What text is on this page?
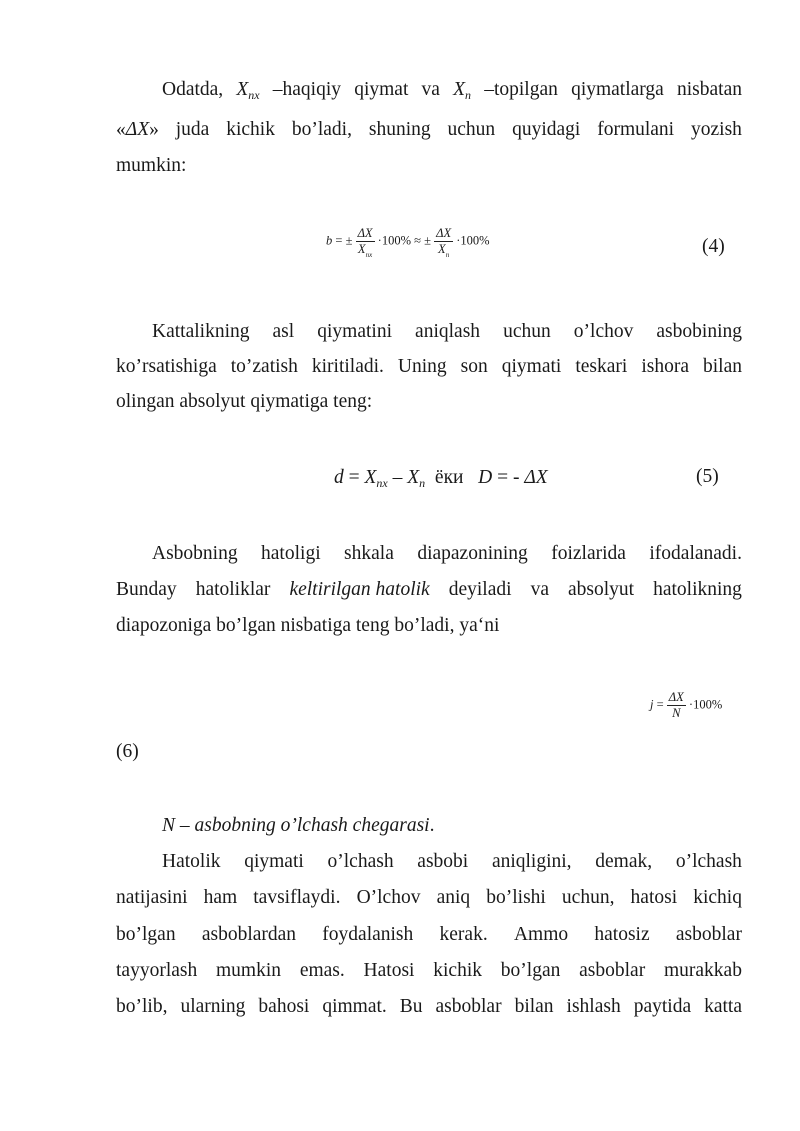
Odatda, $X_{nx}$ –haqiqiy qiymat va $X_n$ –topilgan qiymatlarga nisbatan
«ΔX» juda kichik bo’ladi, shuning uchun quyidagi formulani yozish
mumkin:
b = ± $\frac{\Delta X}{X_{nx}} \cdot 100\%$ ≈ ± $\frac{\Delta X}{X_n} \cdot 100\%$	(4)
Kattalikning asl qiymatini aniqlash uchun o’lchov asbobining
ko’rsatishiga to’zatish kiritiladi. Uning son qiymati teskari ishora bilan
olingan absolyut qiymatiga teng:
$d = X_{nx} - X_n$ ёки D = - ΔX	(5)
Asbobning hatoligi shkala diapazonining foizlarida ifodalanadi.
Bunday hatoliklar keltirilgan hatolik deyiladi va absolyut hatolikning
diapozoniga bo’lgan nisbatiga teng bo’ladi, ya‘ni
$j = \frac{\Delta X}{N} \cdot 100\%$
(6)
N – asbobning o’lchash chegarasi.
Hatolik qiymati o’lchash asbobi aniqligini, demak, o’lchash
natijasini ham tavsiflaydi. O’lchov aniq bo’lishi uchun, hatosi kichiq
bo’lgan asboblardan foydalanish kerak. Ammo hatosiz asboblar
tayyorlash mumkin emas. Hatosi kichik bo’lgan asboblar murakkab
bo’lib, ularning bahosi qimmat. Bu asboblar bilan ishlash paytida katta
